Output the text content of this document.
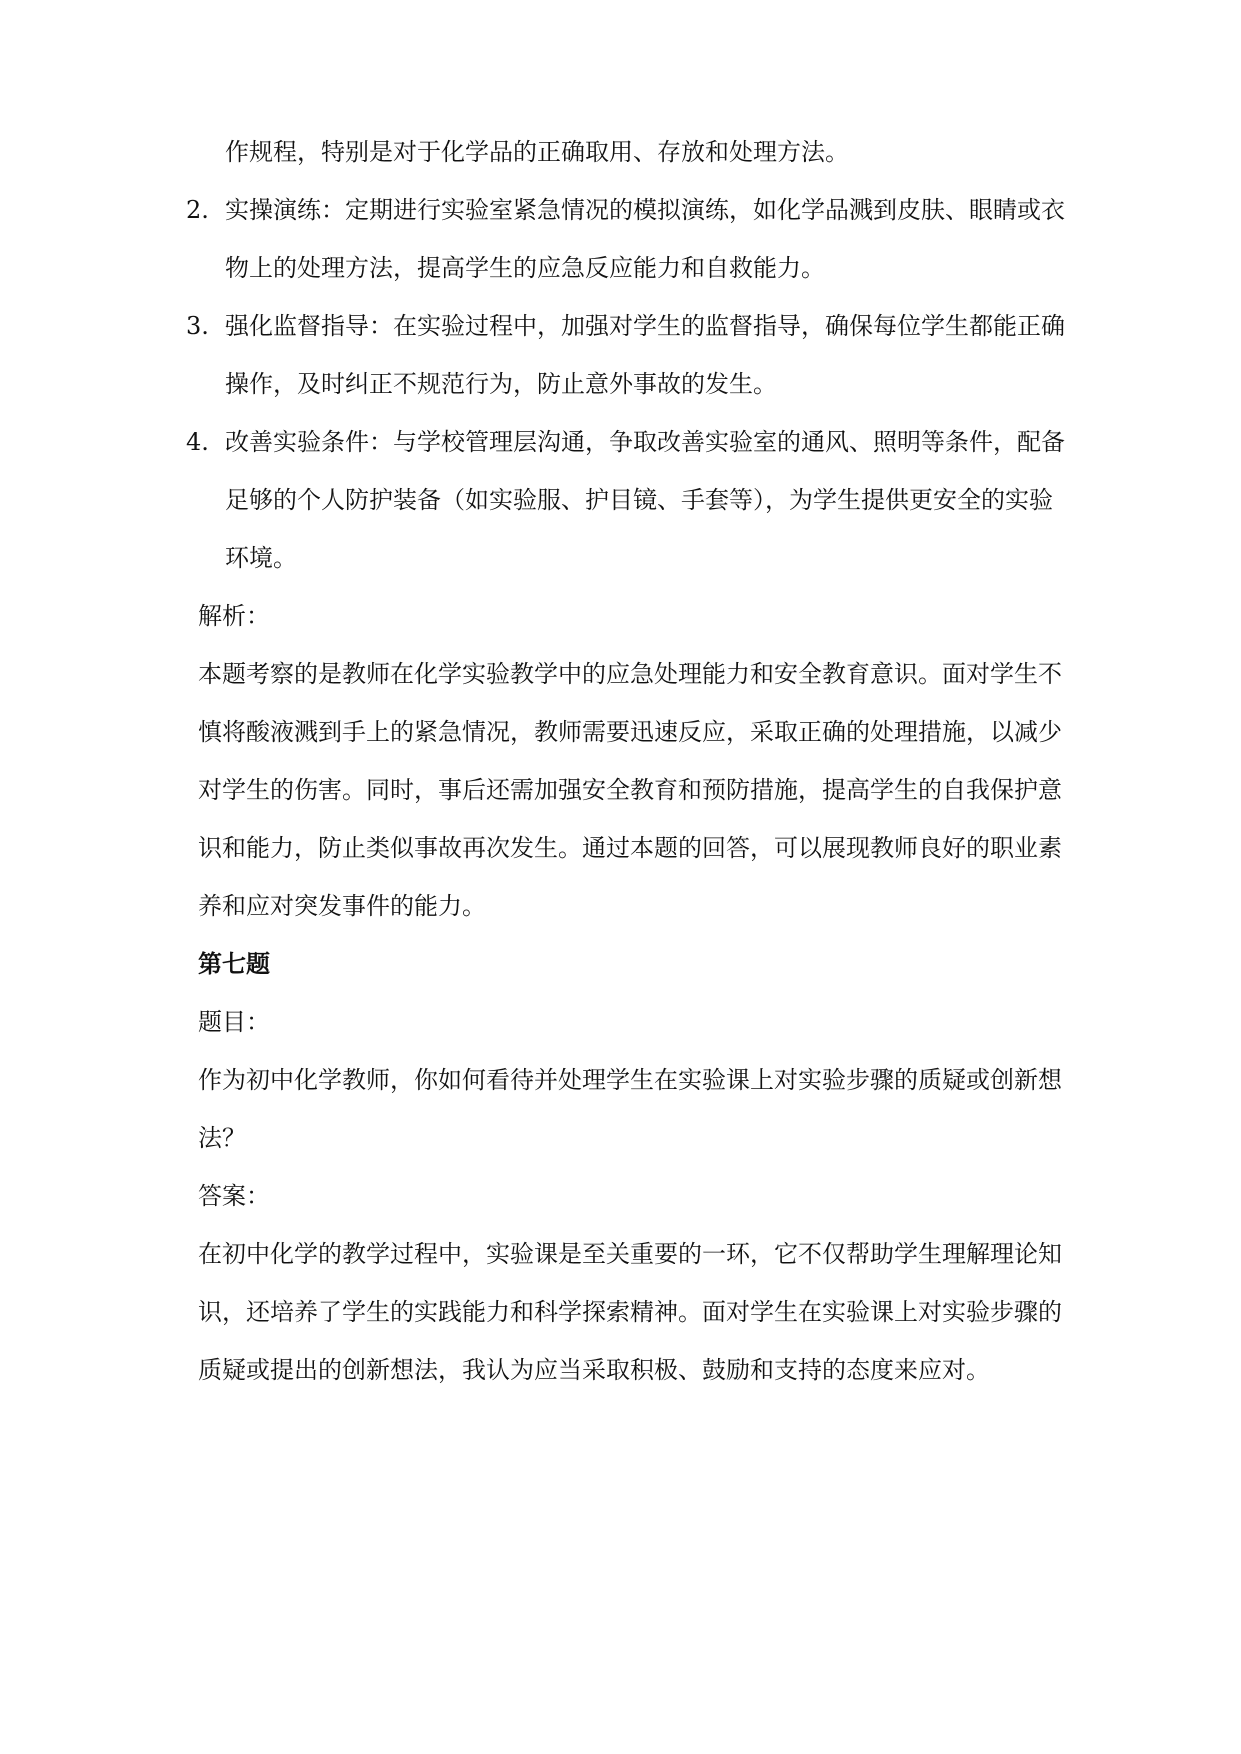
作规程，特别是对于化学品的正确取用、存放和处理方法。
2. 实操演练：定期进行实验室紧急情况的模拟演练，如化学品溅到皮肤、眼睛或衣
物上的处理方法，提高学生的应急反应能力和自救能力。
3. 强化监督指导：在实验过程中，加强对学生的监督指导，确保每位学生都能正确
操作，及时纠正不规范行为，防止意外事故的发生。
4. 改善实验条件：与学校管理层沟通，争取改善实验室的通风、照明等条件，配备
足够的个人防护装备（如实验服、护目镜、手套等），为学生提供更安全的实验
环境。
解析：
本题考察的是教师在化学实验教学中的应急处理能力和安全教育意识。面对学生不
慎将酸液溅到手上的紧急情况，教师需要迅速反应，采取正确的处理措施，以减少
对学生的伤害。同时，事后还需加强安全教育和预防措施，提高学生的自我保护意
识和能力，防止类似事故再次发生。通过本题的回答，可以展现教师良好的职业素
养和应对突发事件的能力。
第七题
题目：
作为初中化学教师，你如何看待并处理学生在实验课上对实验步骤的质疑或创新想
法？
答案：
在初中化学的教学过程中，实验课是至关重要的一环，它不仅帮助学生理解理论知
识，还培养了学生的实践能力和科学探索精神。面对学生在实验课上对实验步骤的
质疑或提出的创新想法，我认为应当采取积极、鼓励和支持的态度来应对。
